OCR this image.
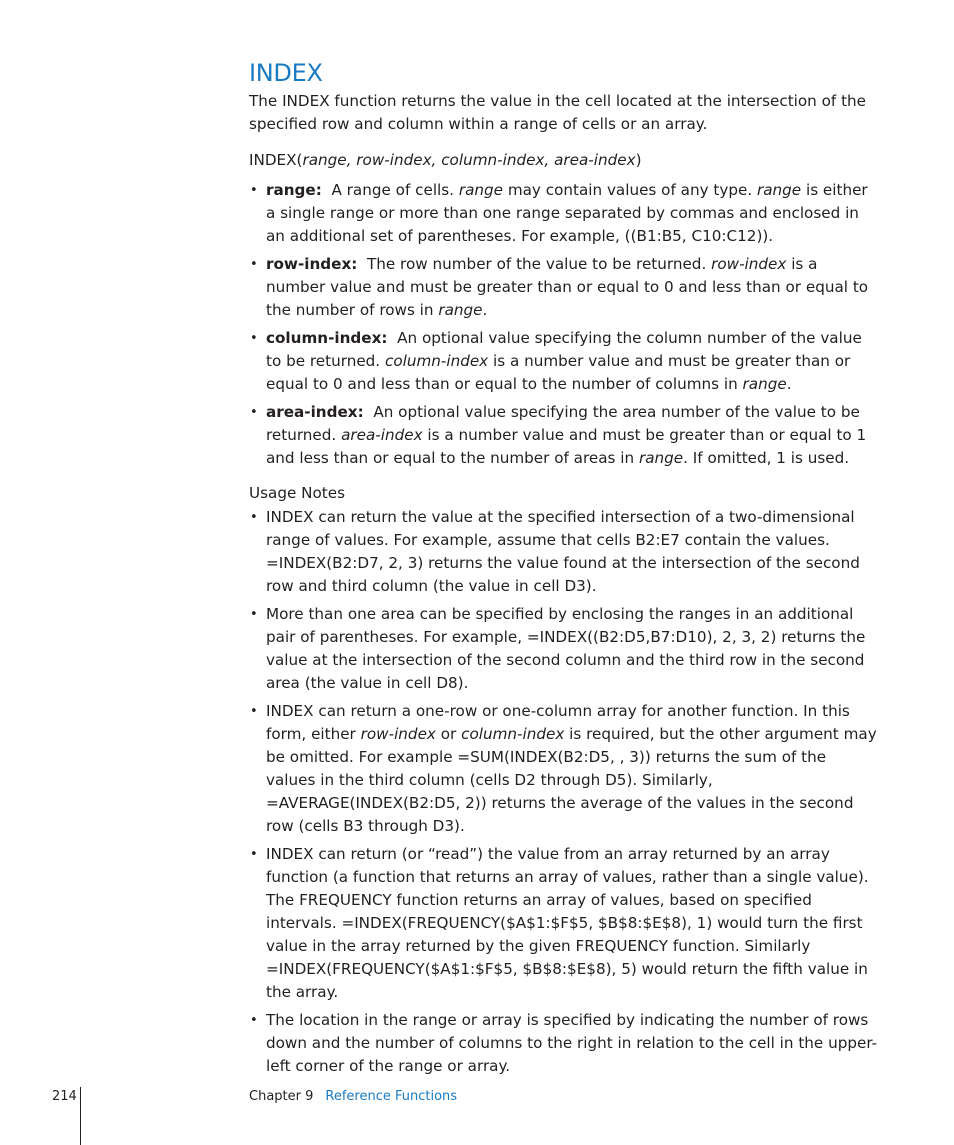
INDEX

The INDEX function returns the value in the cell located at the intersection of the specified row and column within a range of cells or an array.

INDEX(range, row-index, column-index, area-index)

• range: A range of cells. range may contain values of any type. range is either a single range or more than one range separated by commas and enclosed in an additional set of parentheses. For example, ((B1:B5, C10:C12)).
• row-index: The row number of the value to be returned. row-index is a number value and must be greater than or equal to 0 and less than or equal to the number of rows in range.
• column-index: An optional value specifying the column number of the value to be returned. column-index is a number value and must be greater than or equal to 0 and less than or equal to the number of columns in range.
• area-index: An optional value specifying the area number of the value to be returned. area-index is a number value and must be greater than or equal to 1 and less than or equal to the number of areas in range. If omitted, 1 is used.
Usage Notes
• INDEX can return the value at the specified intersection of a two-dimensional range of values. For example, assume that cells B2:E7 contain the values. =INDEX(B2:D7, 2, 3) returns the value found at the intersection of the second row and third column (the value in cell D3).
• More than one area can be specified by enclosing the ranges in an additional pair of parentheses. For example, =INDEX((B2:D5,B7:D10), 2, 3, 2) returns the value at the intersection of the second column and the third row in the second area (the value in cell D8).
• INDEX can return a one-row or one-column array for another function. In this form, either row-index or column-index is required, but the other argument may be omitted. For example =SUM(INDEX(B2:D5, , 3)) returns the sum of the values in the third column (cells D2 through D5). Similarly, =AVERAGE(INDEX(B2:D5, 2)) returns the average of the values in the second row (cells B3 through D3).
• INDEX can return (or “read”) the value from an array returned by an array function (a function that returns an array of values, rather than a single value). The FREQUENCY function returns an array of values, based on specified intervals. =INDEX(FREQUENCY($A$1:$F$5, $B$8:$E$8), 1) would turn the first value in the array returned by the given FREQUENCY function. Similarly =INDEX(FREQUENCY($A$1:$F$5, $B$8:$E$8), 5) would return the fifth value in the array.
• The location in the range or array is specified by indicating the number of rows down and the number of columns to the right in relation to the cell in the upper-left corner of the range or array.
214	Chapter 9 Reference Functions
